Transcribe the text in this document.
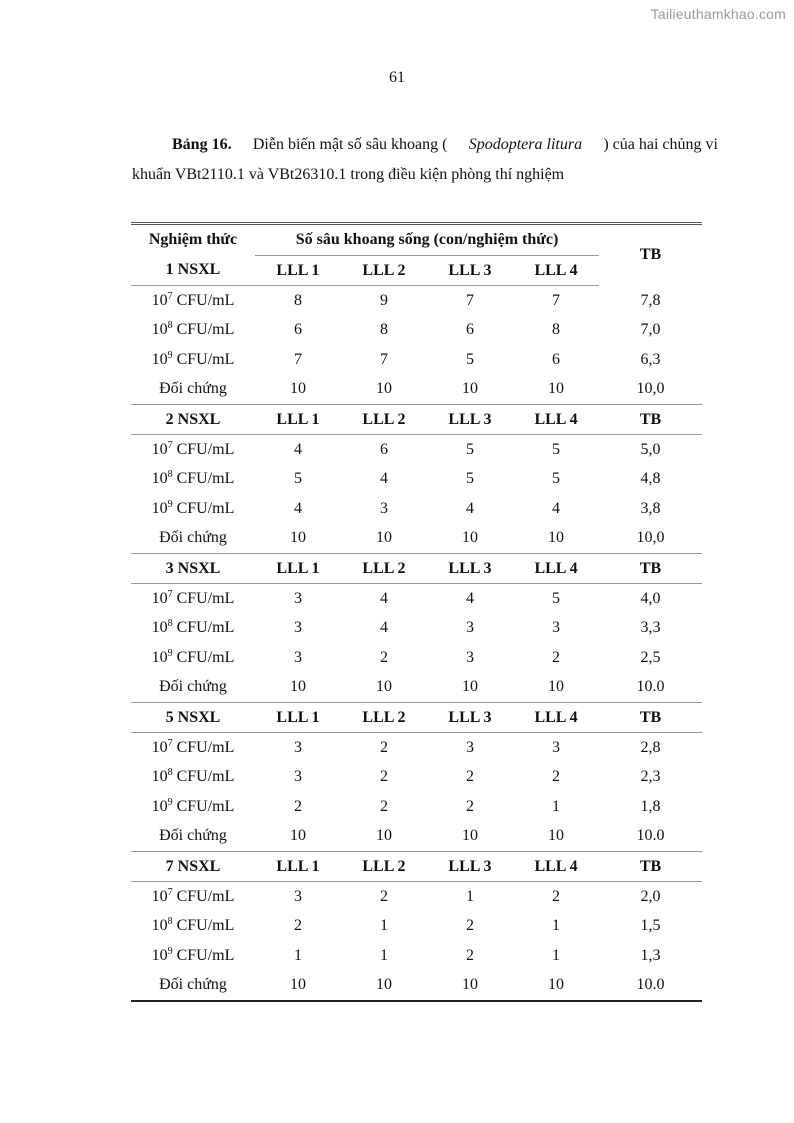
Tailieuthamkhao.com
61
Bảng 16. Diễn biến mật số sâu khoang ( Spodoptera litura ) của hai chủng vi
khuẩn VBt2110.1 và VBt26310.1 trong điều kiện phòng thí nghiệm
Nghiệm thức	Số sâu khoang sống (con/nghiệm thức)				TB
1 NSXL	LLL 1	LLL 2	LLL 3	LLL 4	
$10^7$ CFU/mL	8	9	7	7	7,8
$10^8$ CFU/mL	6	8	6	8	7,0
$10^9$ CFU/mL	7	7	5	6	6,3
Đối chứng	10	10	10	10	10,0
2 NSXL	LLL 1	LLL 2	LLL 3	LLL 4	TB
$10^7$ CFU/mL	4	6	5	5	5,0
$10^8$ CFU/mL	5	4	5	5	4,8
$10^9$ CFU/mL	4	3	4	4	3,8
Đối chứng	10	10	10	10	10,0
3 NSXL	LLL 1	LLL 2	LLL 3	LLL 4	TB
$10^7$ CFU/mL	3	4	4	5	4,0
$10^8$ CFU/mL	3	4	3	3	3,3
$10^9$ CFU/mL	3	2	3	2	2,5
Đối chứng	10	10	10	10	10.0
5 NSXL	LLL 1	LLL 2	LLL 3	LLL 4	TB
$10^7$ CFU/mL	3	2	3	3	2,8
$10^8$ CFU/mL	3	2	2	2	2,3
$10^9$ CFU/mL	2	2	2	1	1,8
Đối chứng	10	10	10	10	10.0
7 NSXL	LLL 1	LLL 2	LLL 3	LLL 4	TB
$10^7$ CFU/mL	3	2	1	2	2,0
$10^8$ CFU/mL	2	1	2	1	1,5
$10^9$ CFU/mL	1	1	2	1	1,3
Đối chứng	10	10	10	10	10.0
